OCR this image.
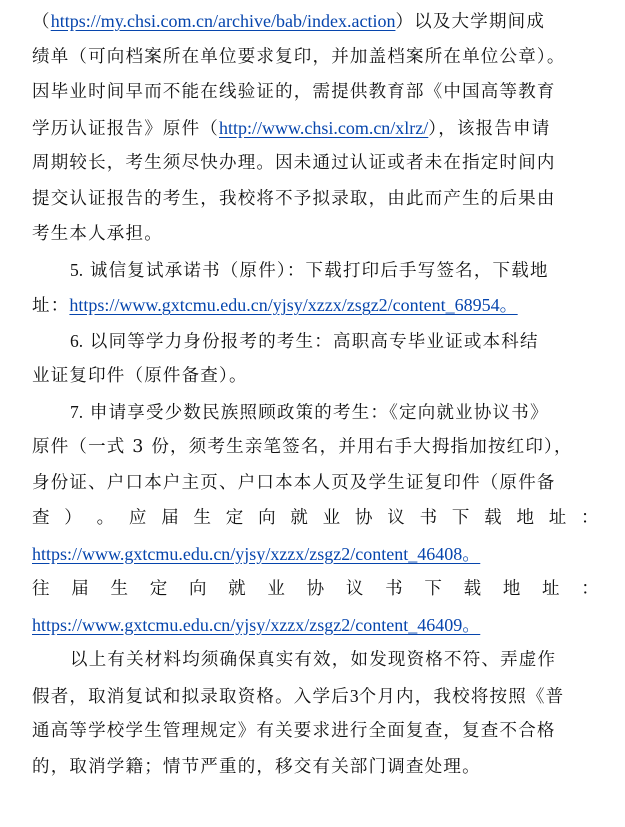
（https://my.chsi.com.cn/archive/bab/index.action）以及大学期间成
绩单（可向档案所在单位要求复印，并加盖档案所在单位公章）。
因毕业时间早而不能在线验证的，需提供教育部《中国高等教育
学历认证报告》原件（http://www.chsi.com.cn/xlrz/），该报告申请
周期较长，考生须尽快办理。因未通过认证或者未在指定时间内
提交认证报告的考生，我校将不予拟录取，由此而产生的后果由
考生本人承担。
5. 诚信复试承诺书（原件）：下载打印后手写签名，下载地
址：https://www.gxtcmu.edu.cn/yjsy/xzzx/zsgz2/content_68954。
6. 以同等学力身份报考的考生：高职高专毕业证或本科结
业证复印件（原件备查）。
7. 申请享受少数民族照顾政策的考生：《定向就业协议书》
原件（一式 3 份，须考生亲笔签名，并用右手大拇指加按红印），
身份证、户口本户主页、户口本本人页及学生证复印件（原件备
查 ） 。 应 届 生 定 向 就 业 协 议 书 下 载 地 址 ：
https://www.gxtcmu.edu.cn/yjsy/xzzx/zsgz2/content_46408。
往 届 生 定 向 就 业 协 议 书 下 载 地 址 ：
https://www.gxtcmu.edu.cn/yjsy/xzzx/zsgz2/content_46409。
以上有关材料均须确保真实有效，如发现资格不符、弄虚作
假者，取消复试和拟录取资格。入学后3个月内，我校将按照《普
通高等学校学生管理规定》有关要求进行全面复查，复查不合格
的，取消学籍；情节严重的，移交有关部门调查处理。
